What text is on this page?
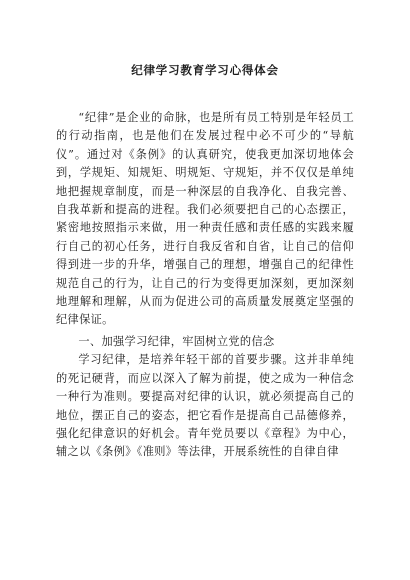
纪律学习教育学习心得体会

“纪律”是企业的命脉，也是所有员工特别是年轻员工的行动指南，也是他们在发展过程中必不可少的“导航仪”。通过对《条例》的认真研究，使我更加深切地体会到，学规矩、知规矩、明规矩、守规矩，并不仅仅是单纯地把握规章制度，而是一种深层的自我净化、自我完善、自我革新和提高的进程。我们必须要把自己的心态摆正，紧密地按照指示来做，用一种责任感和责任感的实践来履行自己的初心任务，进行自我反省和自省，让自己的信仰得到进一步的升华，增强自己的理想，增强自己的纪律性规范自己的行为，让自己的行为变得更加深刻，更加深刻地理解和理解，从而为促进公司的高质量发展奠定坚强的纪律保证。

一、加强学习纪律，牢固树立党的信念

学习纪律，是培养年轻干部的首要步骤。这并非单纯的死记硬背，而应以深入了解为前提，使之成为一种信念一种行为准则。要提高对纪律的认识，就必须提高自己的地位，摆正自己的姿态，把它看作是提高自己品德修养，强化纪律意识的好机会。青年党员要以《章程》为中心，辅之以《条例》《准则》等法律，开展系统性的自律自律
